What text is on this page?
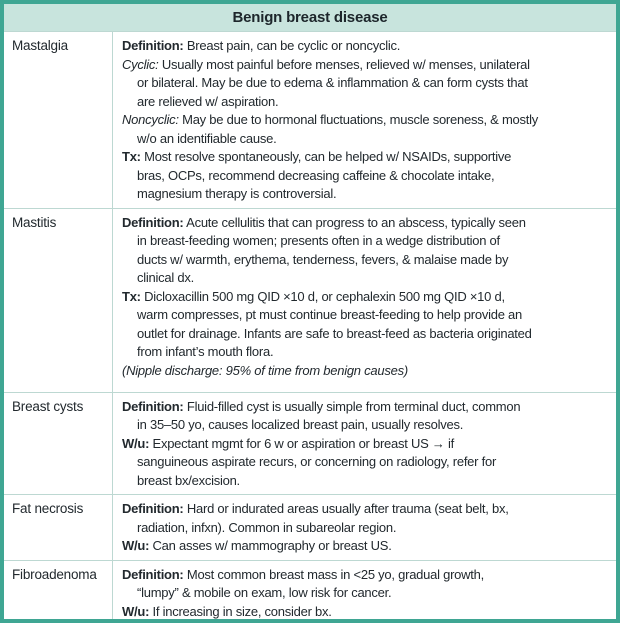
Benign breast disease
Mastalgia	Definition: Breast pain, can be cyclic or noncyclic.
Cyclic: Usually most painful before menses, relieved w/ menses, unilateral
or bilateral. May be due to edema & inflammation & can form cysts that
are relieved w/ aspiration.
Noncyclic: May be due to hormonal fluctuations, muscle soreness, & mostly
w/o an identifiable cause.
Tx: Most resolve spontaneously, can be helped w/ NSAIDs, supportive
bras, OCPs, recommend decreasing caffeine & chocolate intake,
magnesium therapy is controversial.
Mastitis	Definition: Acute cellulitis that can progress to an abscess, typically seen
in breast-feeding women; presents often in a wedge distribution of
ducts w/ warmth, erythema, tenderness, fevers, & malaise made by
clinical dx.
Tx: Dicloxacillin 500 mg QID ×10 d, or cephalexin 500 mg QID ×10 d,
warm compresses, pt must continue breast-feeding to help provide an
outlet for drainage. Infants are safe to breast-feed as bacteria originated
from infant’s mouth flora.
(Nipple discharge: 95% of time from benign causes)
Breast cysts	Definition: Fluid-filled cyst is usually simple from terminal duct, common
in 35–50 yo, causes localized breast pain, usually resolves.
W/u: Expectant mgmt for 6 w or aspiration or breast US → if
sanguineous aspirate recurs, or concerning on radiology, refer for
breast bx/excision.
Fat necrosis	Definition: Hard or indurated areas usually after trauma (seat belt, bx,
radiation, infxn). Common in subareolar region.
W/u: Can asses w/ mammography or breast US.
Fibroadenoma	Definition: Most common breast mass in <25 yo, gradual growth,
“lumpy” & mobile on exam, low risk for cancer.
W/u: If increasing in size, consider bx.
